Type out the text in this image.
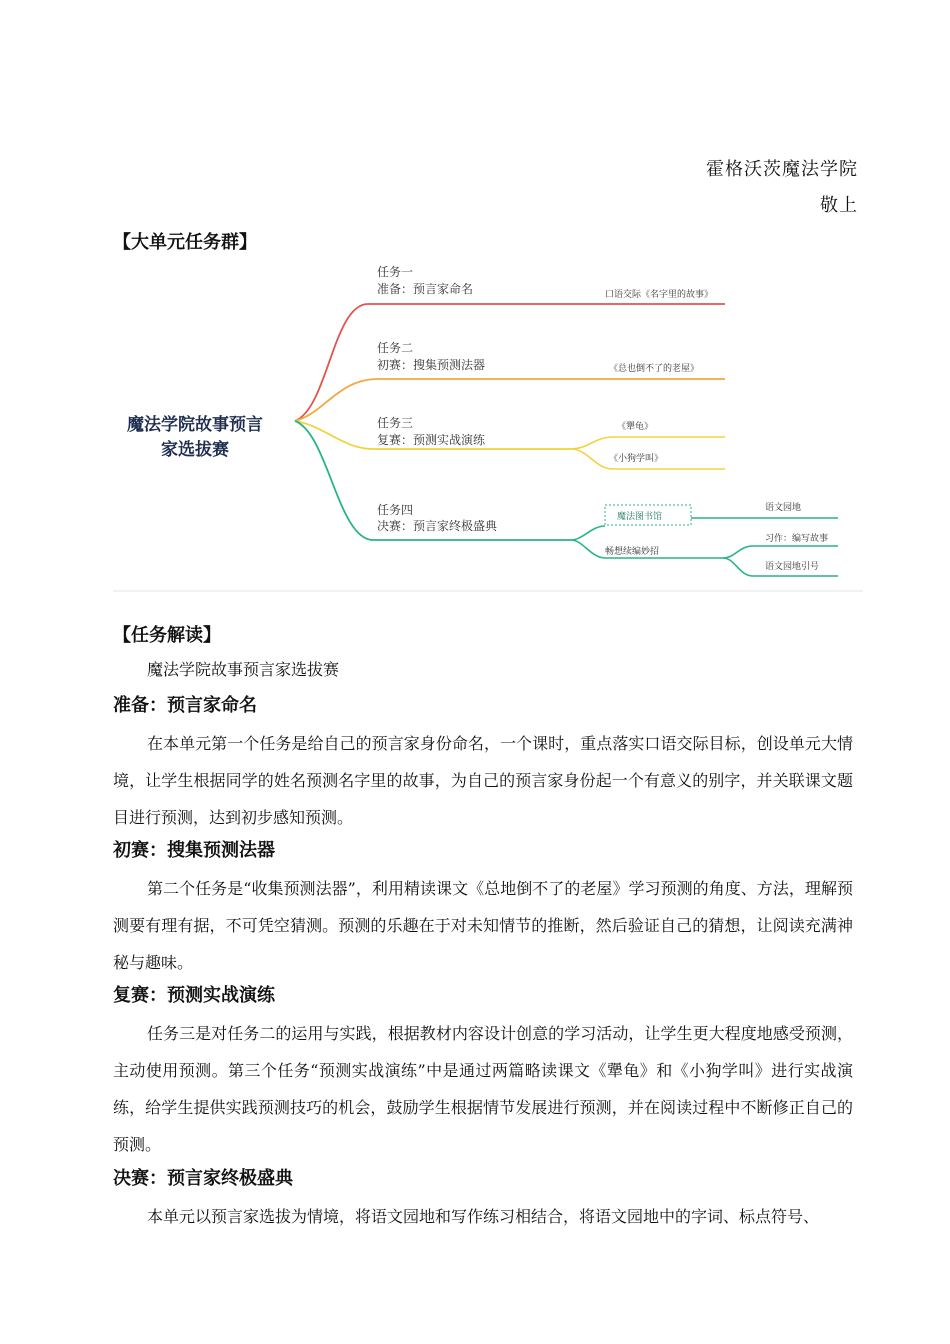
霍格沃茨魔法学院
敬上
【大单元任务群】
魔法学院故事预言
家选拔赛
任务一
准备：预言家命名
任务二
初赛：搜集预测法器
任务三
复赛：预测实战演练
任务四
决赛：预言家终极盛典
口语交际《名字里的故事》
《总也倒不了的老屋》
《犟龟》
《小狗学叫》
魔法图书馆
畅想续编妙招
语文园地
习作：编写故事
语文园地引号
【任务解读】
魔法学院故事预言家选拔赛
准备：预言家命名

在本单元第一个任务是给自己的预言家身份命名，一个课时，重点落实口语交际目标，创设单元大情境，让学生根据同学的姓名预测名字里的故事，为自己的预言家身份起一个有意义的别字，并关联课文题目进行预测，达到初步感知预测。

初赛：搜集预测法器

第二个任务是“收集预测法器”，利用精读课文《总地倒不了的老屋》学习预测的角度、方法，理解预测要有理有据，不可凭空猜测。预测的乐趣在于对未知情节的推断，然后验证自己的猜想，让阅读充满神秘与趣味。

复赛：预测实战演练

任务三是对任务二的运用与实践，根据教材内容设计创意的学习活动，让学生更大程度地感受预测，主动使用预测。第三个任务“预测实战演练”中是通过两篇略读课文《犟龟》和《小狗学叫》进行实战演练，给学生提供实践预测技巧的机会，鼓励学生根据情节发展进行预测，并在阅读过程中不断修正自己的预测。

决赛：预言家终极盛典

本单元以预言家选拔为情境，将语文园地和写作练习相结合，将语文园地中的字词、标点符号、
